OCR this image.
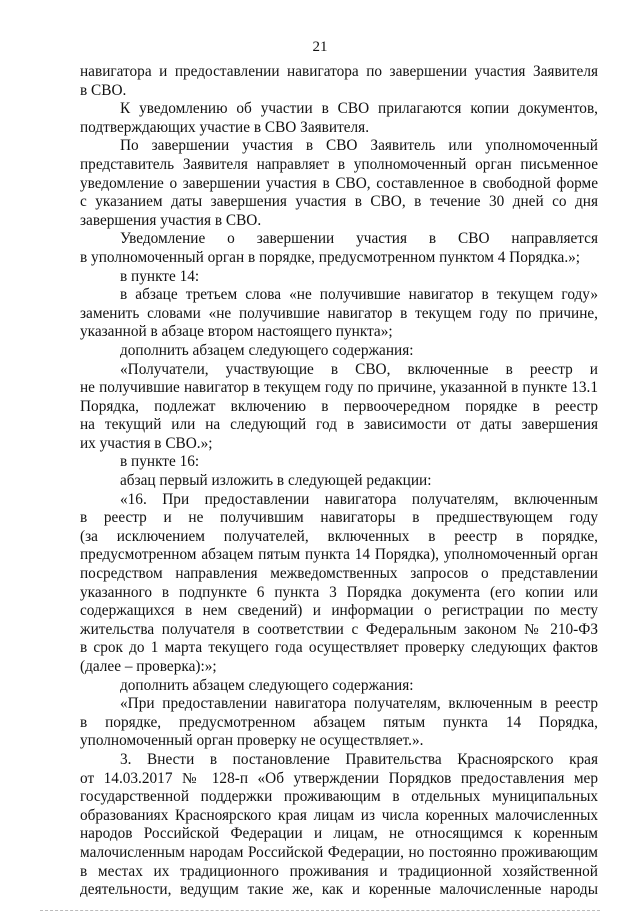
21
навигатора и предоставлении навигатора по завершении участия Заявителя
в СВО.
К уведомлению об участии в СВО прилагаются копии документов,
подтверждающих участие в СВО Заявителя.
По завершении участия в СВО Заявитель или уполномоченный
представитель Заявителя направляет в уполномоченный орган письменное
уведомление о завершении участия в СВО, составленное в свободной форме
с указанием даты завершения участия в СВО, в течение 30 дней со дня
завершения участия в СВО.
Уведомление о завершении участия в СВО направляется
в уполномоченный орган в порядке, предусмотренном пунктом 4 Порядка.»;
в пункте 14:
в абзаце третьем слова «не получившие навигатор в текущем году»
заменить словами «не получившие навигатор в текущем году по причине,
указанной в абзаце втором настоящего пункта»;
дополнить абзацем следующего содержания:
«Получатели, участвующие в СВО, включенные в реестр и
не получившие навигатор в текущем году по причине, указанной в пункте 13.1
Порядка, подлежат включению в первоочередном порядке в реестр
на текущий или на следующий год в зависимости от даты завершения
их участия в СВО.»;
в пункте 16:
абзац первый изложить в следующей редакции:
«16. При предоставлении навигатора получателям, включенным
в реестр и не получившим навигаторы в предшествующем году
(за исключением получателей, включенных в реестр в порядке,
предусмотренном абзацем пятым пункта 14 Порядка), уполномоченный орган
посредством направления межведомственных запросов о представлении
указанного в подпункте 6 пункта 3 Порядка документа (его копии или
содержащихся в нем сведений) и информации о регистрации по месту
жительства получателя в соответствии с Федеральным законом № 210-ФЗ
в срок до 1 марта текущего года осуществляет проверку следующих фактов
(далее – проверка):»;
дополнить абзацем следующего содержания:
«При предоставлении навигатора получателям, включенным в реестр
в порядке, предусмотренном абзацем пятым пункта 14 Порядка,
уполномоченный орган проверку не осуществляет.».
3. Внести в постановление Правительства Красноярского края
от 14.03.2017 № 128-п «Об утверждении Порядков предоставления мер
государственной поддержки проживающим в отдельных муниципальных
образованиях Красноярского края лицам из числа коренных малочисленных
народов Российской Федерации и лицам, не относящимся к коренным
малочисленным народам Российской Федерации, но постоянно проживающим
в местах их традиционного проживания и традиционной хозяйственной
деятельности, ведущим такие же, как и коренные малочисленные народы
